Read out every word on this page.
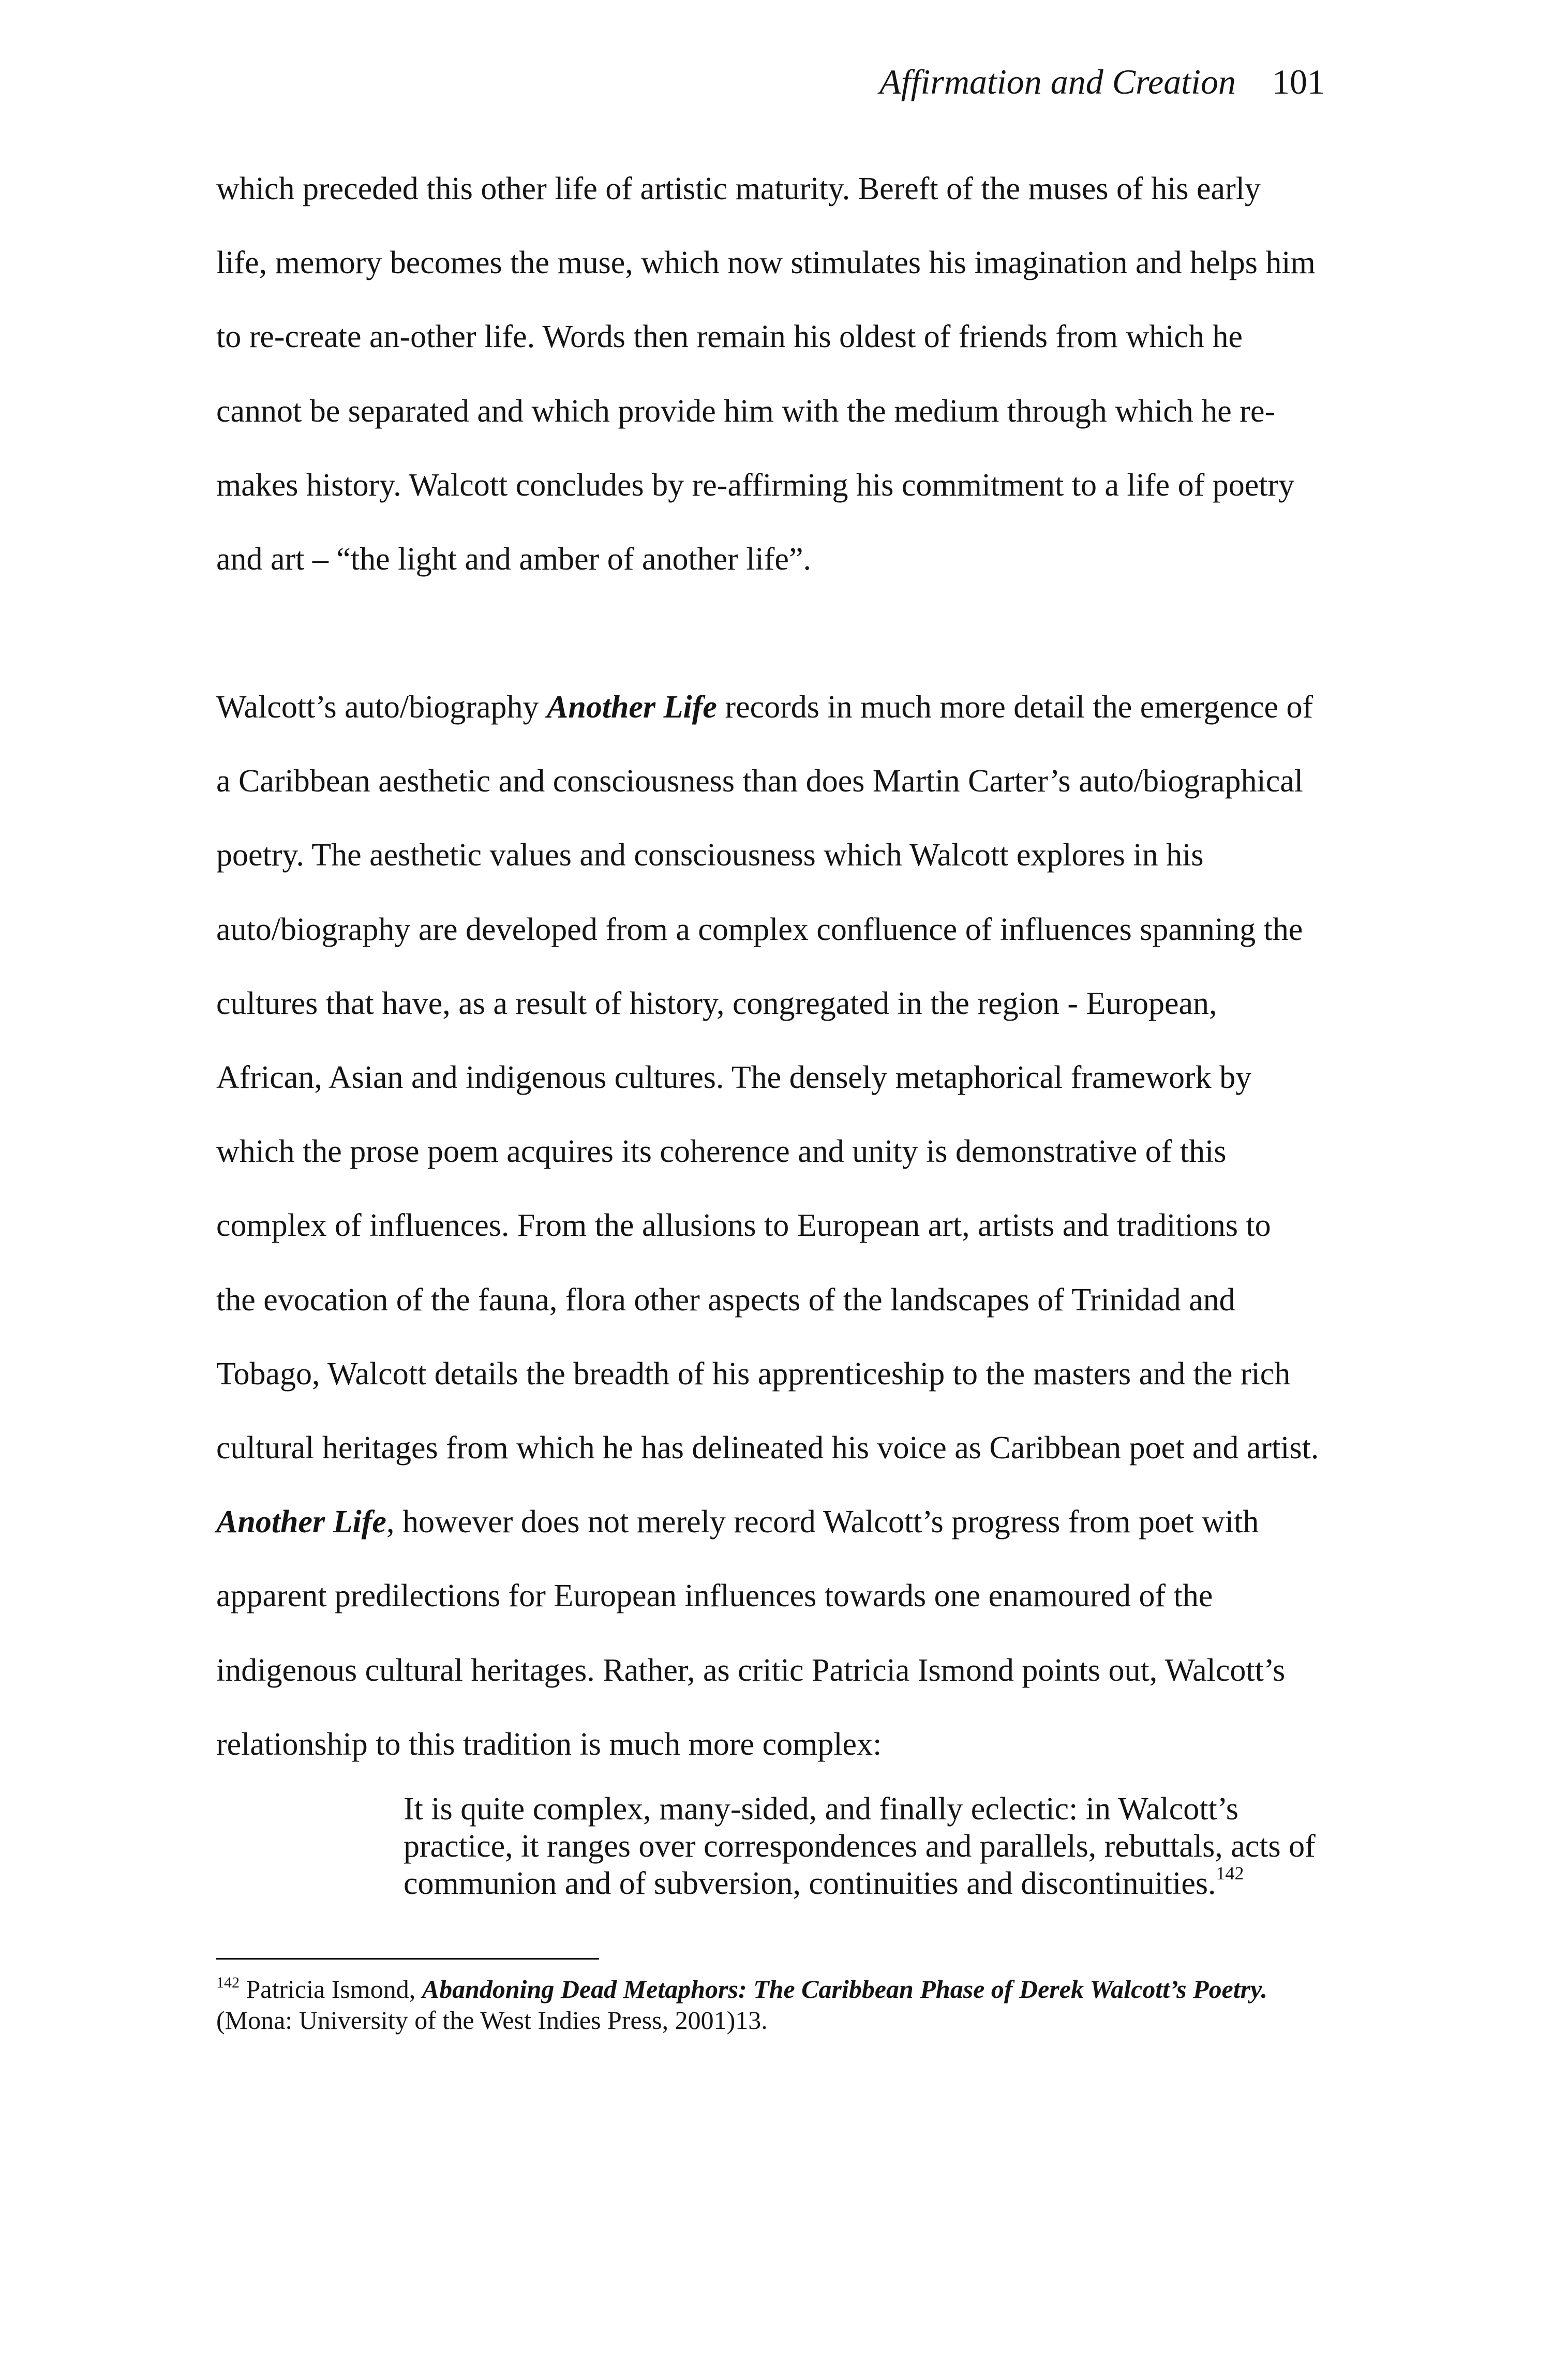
Affirmation and Creation 101
which preceded this other life of artistic maturity. Bereft of the muses of his early
life, memory becomes the muse, which now stimulates his imagination and helps him
to re-create an-other life. Words then remain his oldest of friends from which he
cannot be separated and which provide him with the medium through which he re-
makes history. Walcott concludes by re-affirming his commitment to a life of poetry
and art – “the light and amber of another life”.
Walcott’s auto/biography Another Life records in much more detail the emergence of
a Caribbean aesthetic and consciousness than does Martin Carter’s auto/biographical
poetry. The aesthetic values and consciousness which Walcott explores in his
auto/biography are developed from a complex confluence of influences spanning the
cultures that have, as a result of history, congregated in the region - European,
African, Asian and indigenous cultures. The densely metaphorical framework by
which the prose poem acquires its coherence and unity is demonstrative of this
complex of influences. From the allusions to European art, artists and traditions to
the evocation of the fauna, flora other aspects of the landscapes of Trinidad and
Tobago, Walcott details the breadth of his apprenticeship to the masters and the rich
cultural heritages from which he has delineated his voice as Caribbean poet and artist.
Another Life, however does not merely record Walcott’s progress from poet with
apparent predilections for European influences towards one enamoured of the
indigenous cultural heritages. Rather, as critic Patricia Ismond points out, Walcott’s
relationship to this tradition is much more complex:
It is quite complex, many-sided, and finally eclectic: in Walcott’s
practice, it ranges over correspondences and parallels, rebuttals, acts of
communion and of subversion, continuities and discontinuities.$^{142}$
$^{142}$ Patricia Ismond, Abandoning Dead Metaphors: The Caribbean Phase of Derek Walcott’s Poetry.
(Mona: University of the West Indies Press, 2001)13.
